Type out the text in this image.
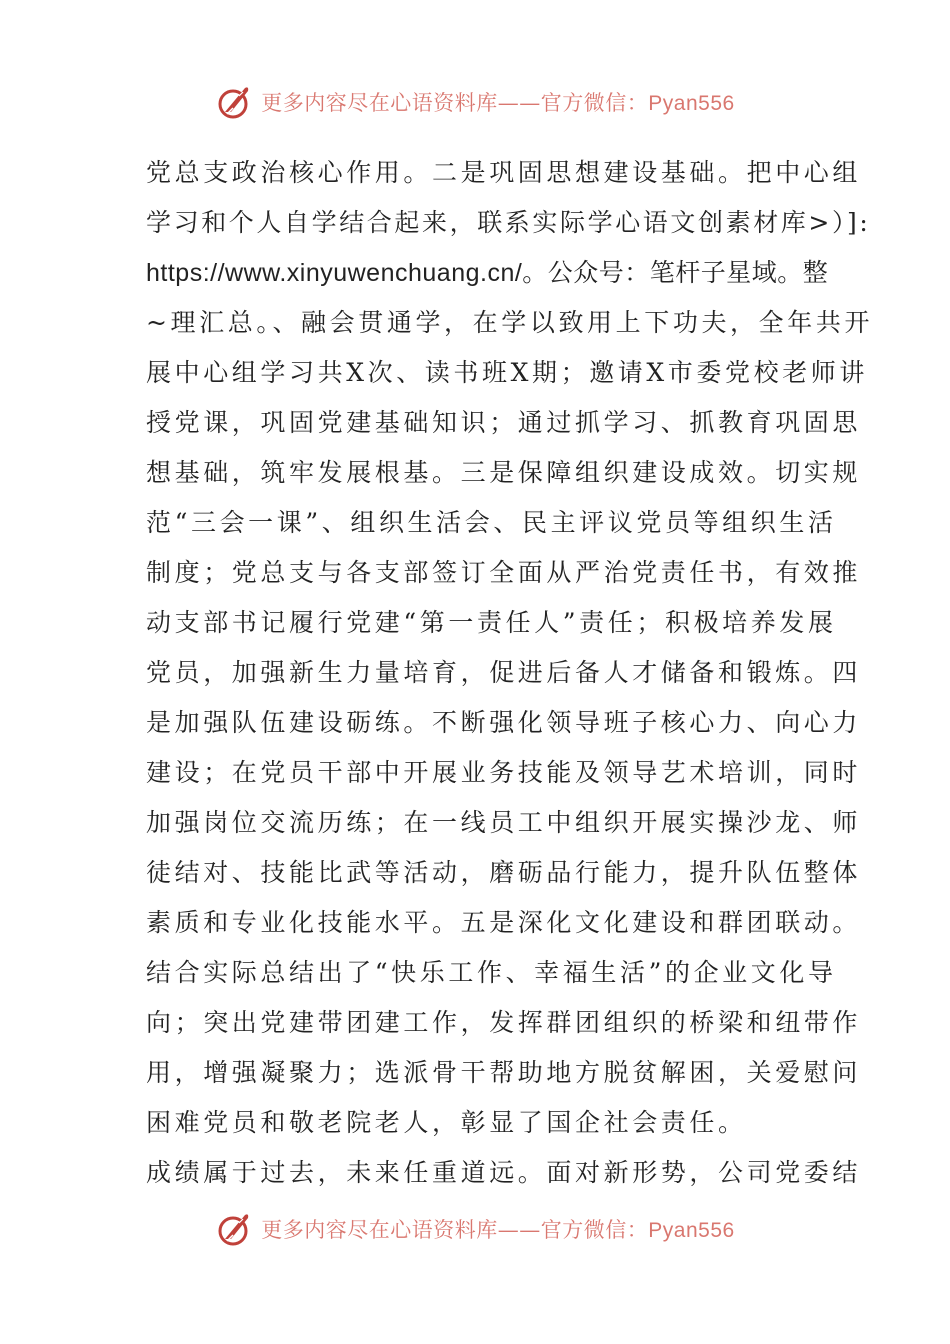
更多内容尽在心语资料库——官方微信：Pyan556
党总支政治核心作用。二是巩固思想建设基础。把中心组
学习和个人自学结合起来，联系实际学心语文创素材库>）]:
https://www.xinyuwenchuang.cn/。公众号：笔杆子星域。整
~理汇总。、融会贯通学，在学以致用上下功夫，全年共开
展中心组学习共X次、读书班X期；邀请X市委党校老师讲
授党课，巩固党建基础知识；通过抓学习、抓教育巩固思
想基础，筑牢发展根基。三是保障组织建设成效。切实规
范“三会一课”、组织生活会、民主评议党员等组织生活
制度；党总支与各支部签订全面从严治党责任书，有效推
动支部书记履行党建“第一责任人”责任；积极培养发展
党员，加强新生力量培育，促进后备人才储备和锻炼。四
是加强队伍建设砺练。不断强化领导班子核心力、向心力
建设；在党员干部中开展业务技能及领导艺术培训，同时
加强岗位交流历练；在一线员工中组织开展实操沙龙、师
徒结对、技能比武等活动，磨砺品行能力，提升队伍整体
素质和专业化技能水平。五是深化文化建设和群团联动。
结合实际总结出了“快乐工作、幸福生活”的企业文化导
向；突出党建带团建工作，发挥群团组织的桥梁和纽带作
用，增强凝聚力；选派骨干帮助地方脱贫解困，关爱慰问
困难党员和敬老院老人，彰显了国企社会责任。
成绩属于过去，未来任重道远。面对新形势，公司党委结
更多内容尽在心语资料库——官方微信：Pyan556
